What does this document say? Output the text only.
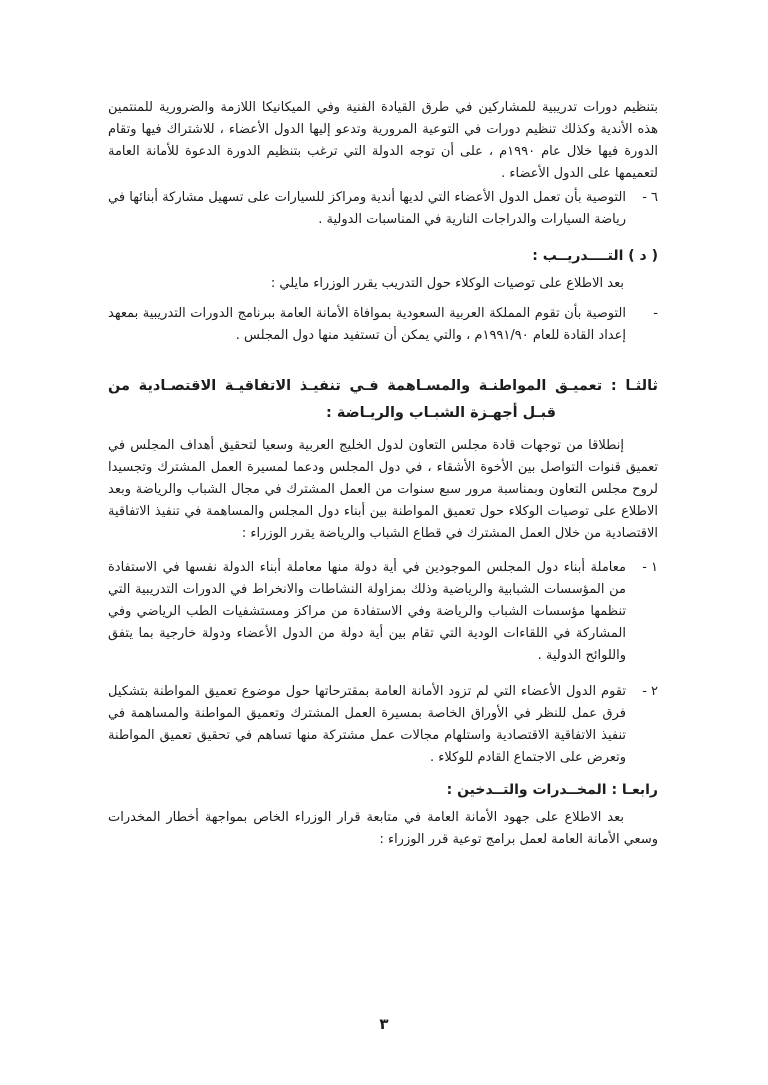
بتنظيم دورات تدريبية للمشاركين في طرق القيادة الفنية وفي الميكانيكا اللازمة والضرورية للمنتمين هذه الأندية وكذلك تنظيم دورات في التوعية المرورية وتدعو إليها الدول الأعضاء ، للاشتراك فيها وتقام الدورة فيها خلال عام ١٩٩٠م ، على أن توجه الدولة التي ترغب بتنظيم الدورة الدعوة للأمانة العامة لتعميمها على الدول الأعضاء .

٦ -
التوصية بأن تعمل الدول الأعضاء التي لديها أندية ومراكز للسيارات على تسهيل مشاركة أبنائها في رياضة السيارات والدراجات النارية في المناسبات الدولية .

( د ) التــــدريــب :

بعد الاطلاع على توصيات الوكلاء حول التدريب يقرر الوزراء مايلي :

-
التوصية بأن تقوم المملكة العربية السعودية بموافاة الأمانة العامة ببرنامج الدورات التدريبية بمعهد إعداد القادة للعام ١٩٩١/٩٠م ، والتي يمكن أن تستفيد منها دول المجلس .

ثالثـا : تعميـق المواطنـة والمسـاهمة فـي تنفيـذ الاتفاقيـة الاقتصـادية من

قبـل أجهـزة الشبـاب والريـاضة :

إنطلاقا من توجهات قادة مجلس التعاون لدول الخليج العربية وسعيا لتحقيق أهداف المجلس في تعميق قنوات التواصل بين الأخوة الأشقاء ، في دول المجلس ودعما لمسيرة العمل المشترك وتجسيدا لروح مجلس التعاون وبمناسبة مرور سبع سنوات من العمل المشترك في مجال الشباب والرياضة وبعد الاطلاع على توصيات الوكلاء حول تعميق المواطنة بين أبناء دول المجلس والمساهمة في تنفيذ الاتفاقية الاقتصادية من خلال العمل المشترك في قطاع الشباب والرياضة يقرر الوزراء :

١ -
معاملة أبناء دول المجلس الموجودين في أية دولة منها معاملة أبناء الدولة نفسها في الاستفادة من المؤسسات الشبابية والرياضية وذلك بمزاولة النشاطات والانخراط في الدورات التدريبية التي تنظمها مؤسسات الشباب والرياضة وفي الاستفادة من مراكز ومستشفيات الطب الرياضي وفي المشاركة في اللقاءات الودية التي تقام بين أية دولة من الدول الأعضاء ودولة خارجية بما يتفق واللوائح الدولية .
٢ -
تقوم الدول الأعضاء التي لم تزود الأمانة العامة بمقترحاتها حول موضوع تعميق المواطنة بتشكيل فرق عمل للنظر في الأوراق الخاصة بمسيرة العمل المشترك وتعميق المواطنة والمساهمة في تنفيذ الاتفاقية الاقتصادية واستلهام مجالات عمل مشتركة منها تساهم في تحقيق تعميق المواطنة وتعرض على الاجتماع القادم للوكلاء .

رابعـا : المخــدرات والتــدخين :

بعد الاطلاع على جهود الأمانة العامة في متابعة قرار الوزراء الخاص بمواجهة أخطار المخدرات وسعي الأمانة العامة لعمل برامج توعية قرر الوزراء :

٣
